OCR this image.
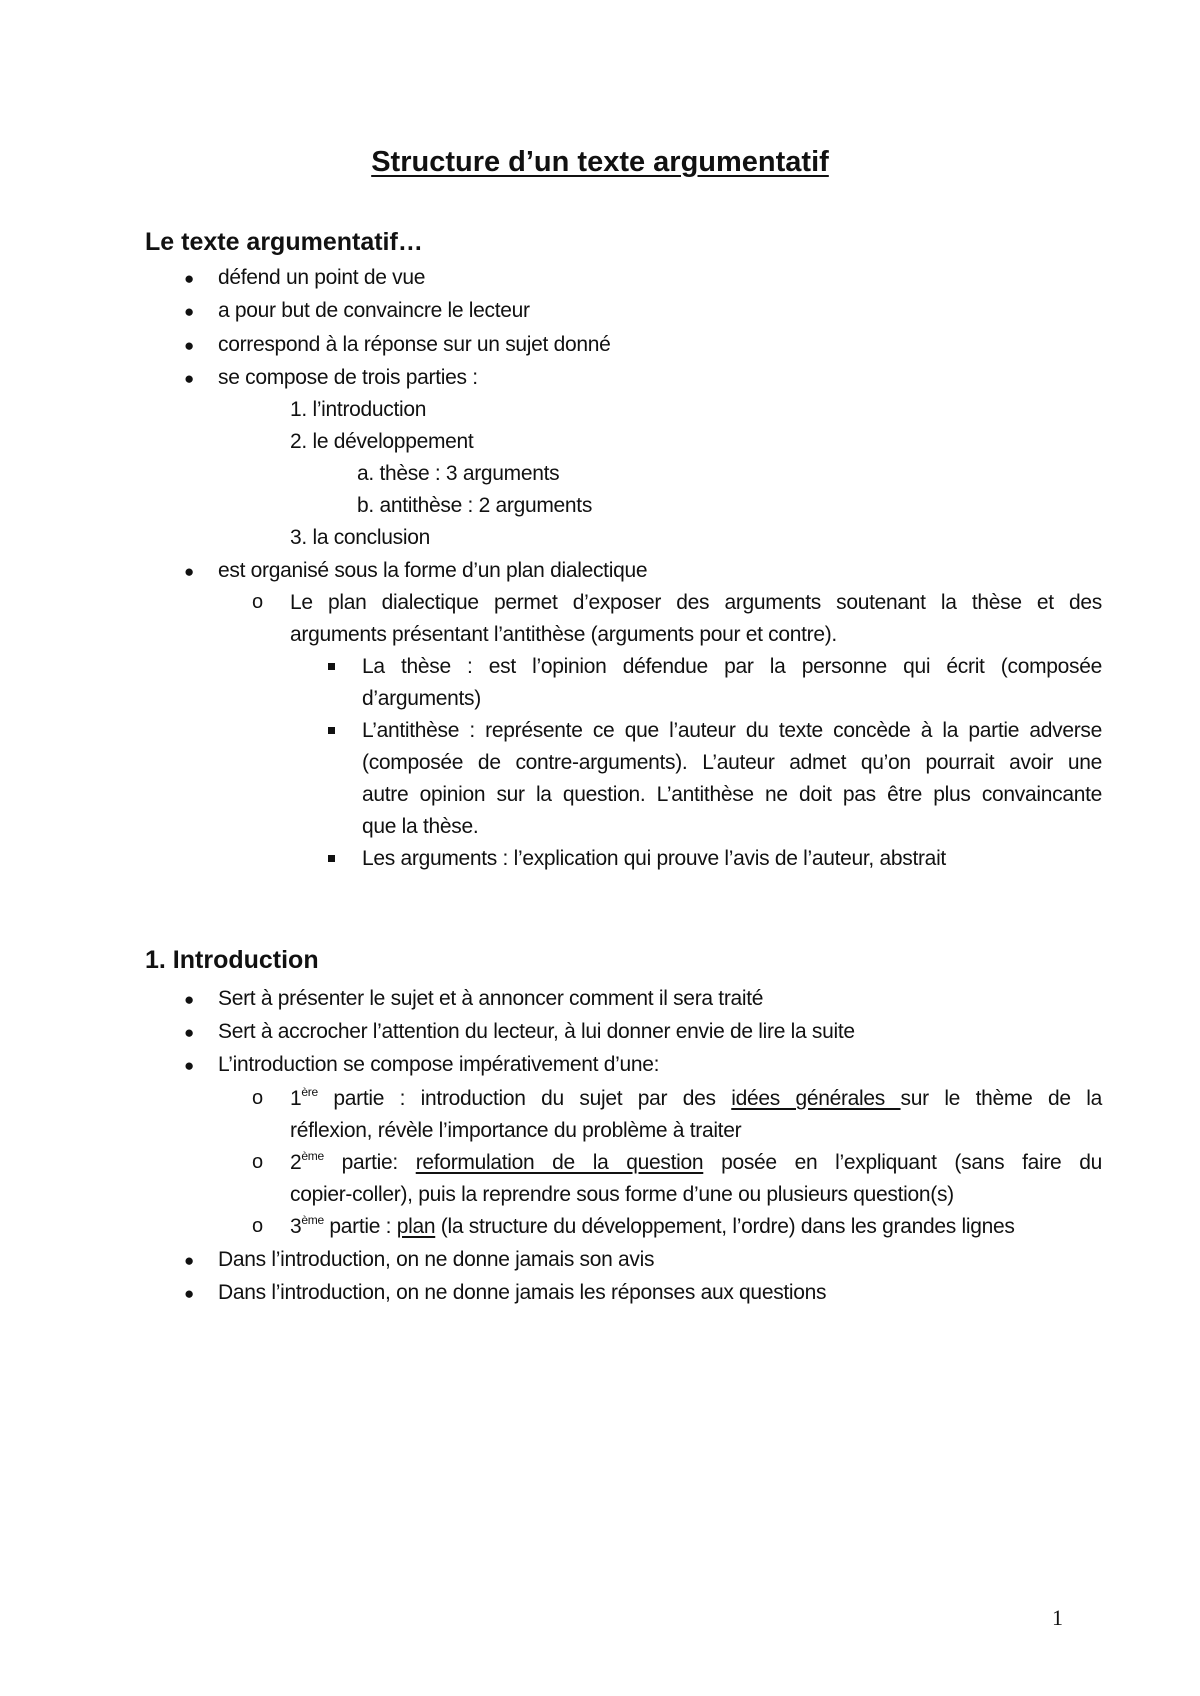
Structure d’un texte argumentatif
Le texte argumentatif…
● défend un point de vue
● a pour but de convaincre le lecteur
● correspond à la réponse sur un sujet donné
● se compose de trois parties :
1. l’introduction
2. le développement
a. thèse : 3 arguments
b. antithèse : 2 arguments
3. la conclusion
● est organisé sous la forme d’un plan dialectique
o Le plan dialectique permet d’exposer des arguments soutenant la thèse et des
arguments présentant l’antithèse (arguments pour et contre).
La thèse : est l’opinion défendue par la personne qui écrit (composée
d’arguments)
L’antithèse : représente ce que l’auteur du texte concède à la partie adverse
(composée de contre-arguments). L’auteur admet qu’on pourrait avoir une
autre opinion sur la question. L’antithèse ne doit pas être plus convaincante
que la thèse.
Les arguments : l’explication qui prouve l’avis de l’auteur, abstrait
1. Introduction
● Sert à présenter le sujet et à annoncer comment il sera traité
● Sert à accrocher l’attention du lecteur, à lui donner envie de lire la suite
● L’introduction se compose impérativement d’une:
o 1ère partie : introduction du sujet par des idées générales sur le thème de la
réflexion, révèle l’importance du problème à traiter
o 2ème partie: reformulation de la question posée en l’expliquant (sans faire du
copier-coller), puis la reprendre sous forme d’une ou plusieurs question(s)
o 3ème partie : plan (la structure du développement, l’ordre) dans les grandes lignes
● Dans l’introduction, on ne donne jamais son avis
● Dans l’introduction, on ne donne jamais les réponses aux questions
1
